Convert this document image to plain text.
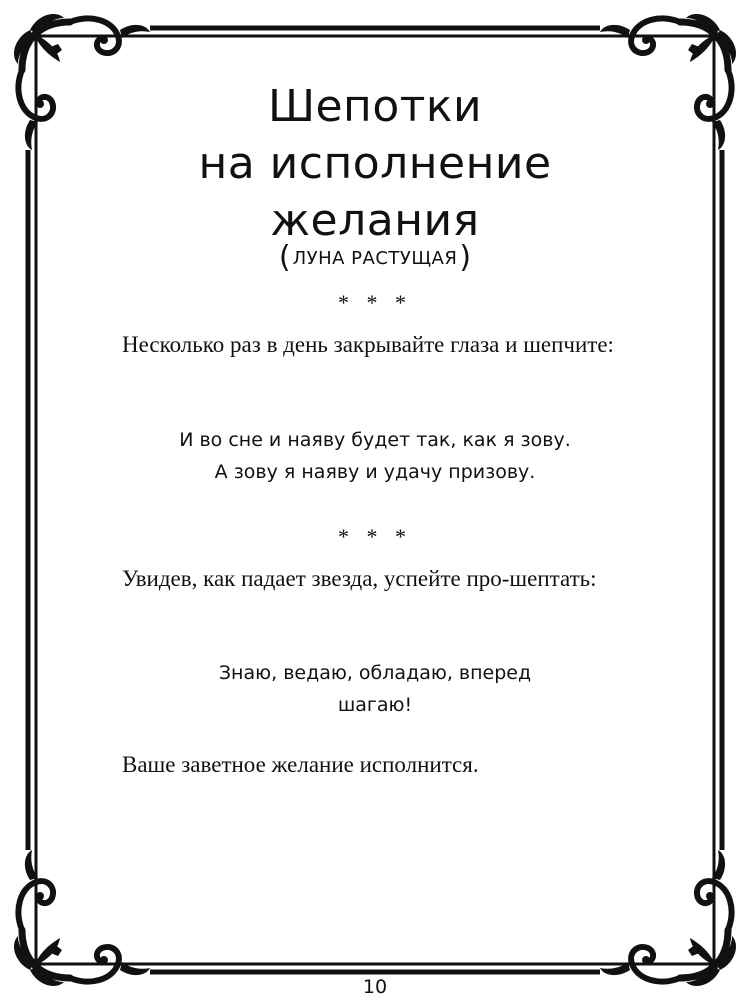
Шепотки
на исполнение
желания
( ЛУНА РАСТУЩАЯ)
* * *

Несколько раз в день закрывайте глаза и шепчите:

И во сне и наяву будет так, как я зову.
А зову я наяву и удачу призову.

* * *

Увидев, как падает звезда, успейте про-шептать:

Знаю, ведаю, обладаю, вперед
шагаю!

Ваше заветное желание исполнится.

10
